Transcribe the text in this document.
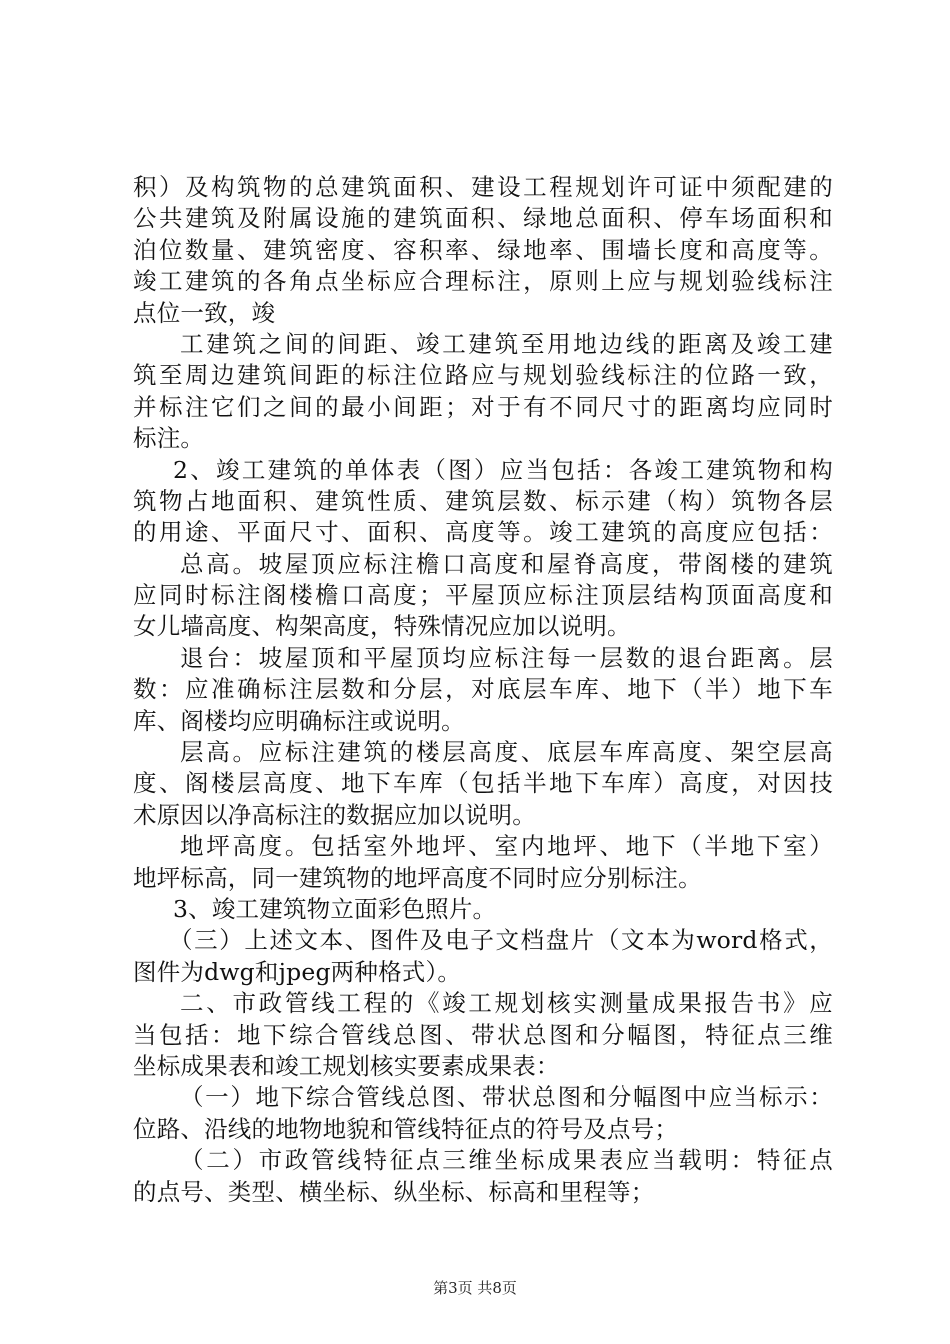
积）及构筑物的总建筑面积、建设工程规划许可证中须配建的
公共建筑及附属设施的建筑面积、绿地总面积、停车场面积和
泊位数量、建筑密度、容积率、绿地率、围墙长度和高度等。
竣工建筑的各角点坐标应合理标注，原则上应与规划验线标注
点位一致，竣
工建筑之间的间距、竣工建筑至用地边线的距离及竣工建
筑至周边建筑间距的标注位路应与规划验线标注的位路一致，
并标注它们之间的最小间距；对于有不同尺寸的距离均应同时
标注。
2、竣工建筑的单体表（图）应当包括：各竣工建筑物和构
筑物占地面积、建筑性质、建筑层数、标示建（构）筑物各层
的用途、平面尺寸、面积、高度等。竣工建筑的高度应包括：
总高。坡屋顶应标注檐口高度和屋脊高度，带阁楼的建筑
应同时标注阁楼檐口高度；平屋顶应标注顶层结构顶面高度和
女儿墙高度、构架高度，特殊情况应加以说明。
退台：坡屋顶和平屋顶均应标注每一层数的退台距离。层
数：应准确标注层数和分层，对底层车库、地下（半）地下车
库、阁楼均应明确标注或说明。
层高。应标注建筑的楼层高度、底层车库高度、架空层高
度、阁楼层高度、地下车库（包括半地下车库）高度，对因技
术原因以净高标注的数据应加以说明。
地坪高度。包括室外地坪、室内地坪、地下（半地下室）
地坪标高，同一建筑物的地坪高度不同时应分别标注。
3、竣工建筑物立面彩色照片。
（三）上述文本、图件及电子文档盘片（文本为word格式，
图件为dwg和jpeg两种格式）。
二、市政管线工程的《竣工规划核实测量成果报告书》应
当包括：地下综合管线总图、带状总图和分幅图，特征点三维
坐标成果表和竣工规划核实要素成果表：
（一）地下综合管线总图、带状总图和分幅图中应当标示：
位路、沿线的地物地貌和管线特征点的符号及点号；
（二）市政管线特征点三维坐标成果表应当载明：特征点
的点号、类型、横坐标、纵坐标、标高和里程等；
第3页 共8页
